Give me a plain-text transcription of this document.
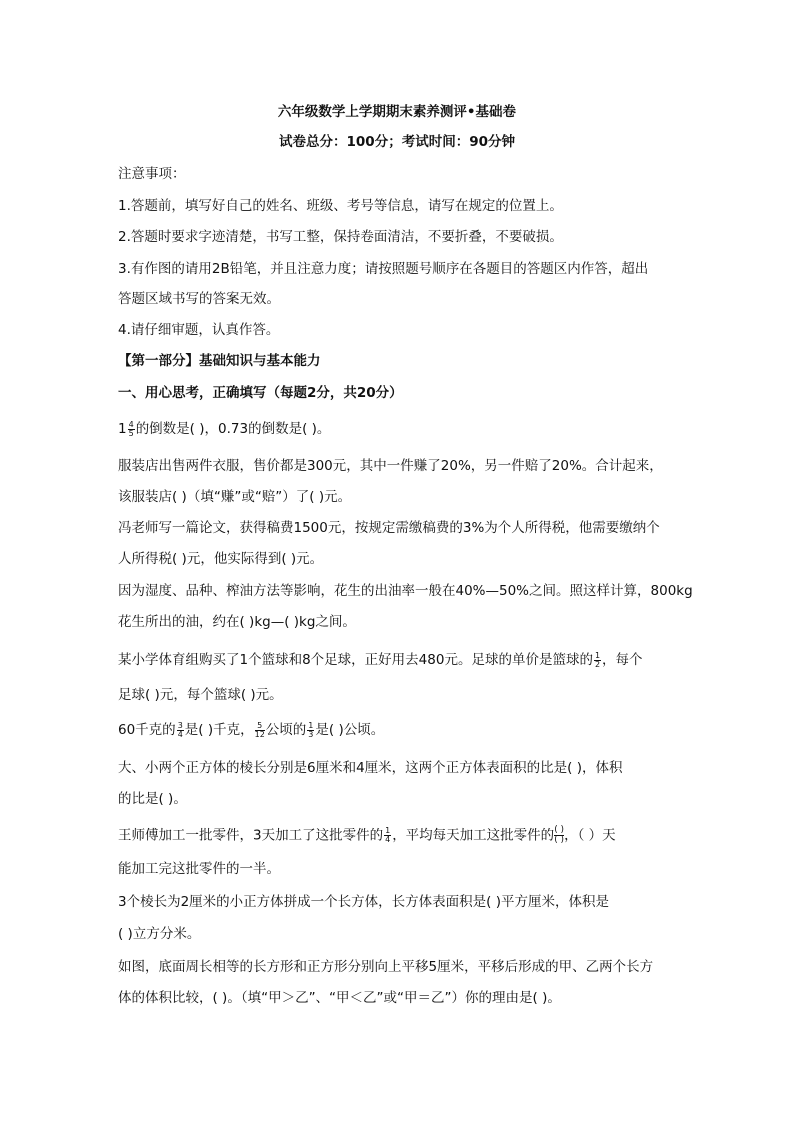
六年级数学上学期期末素养测评•基础卷
试卷总分：100分；考试时间：90分钟
注意事项：
1.答题前，填写好自己的姓名、班级、考号等信息，请写在规定的位置上。
2.答题时要求字迹清楚，书写工整，保持卷面清洁，不要折叠，不要破损。
3.有作图的请用2B铅笔，并且注意力度；请按照题号顺序在各题目的答题区内作答，超出
答题区域书写的答案无效。
4.请仔细审题，认真作答。
【第一部分】基础知识与基本能力
一、用心思考，正确填写（每题2分，共20分）
$1 \frac{4}{5}$ 的倒数是( )，0.73的倒数是( )。
服装店出售两件衣服，售价都是300元，其中一件赚了20%，另一件赔了20%。合计起来，
该服装店( )（填“赚”或“赔”）了( )元。
冯老师写一篇论文，获得稿费1500元，按规定需缴稿费的3%为个人所得税，他需要缴纳个
人所得税( )元，他实际得到( )元。
因为湿度、品种、榨油方法等影响，花生的出油率一般在40%—50%之间。照这样计算，800kg
花生所出的油，约在( )kg—( )kg之间。
某小学体育组购买了1个篮球和8个足球，正好用去480元。足球的单价是篮球的 $\frac{1}{2}$ ，每个
足球( )元，每个篮球( )元。
60千克的 $\frac{3}{4}$ 是( )千克， $\frac{5}{12}$ 公顷的 $\frac{1}{3}$ 是( )公顷。
大、小两个正方体的棱长分别是6厘米和4厘米，这两个正方体表面积的比是( )，体积
的比是( )。
王师傅加工一批零件，3天加工了这批零件的 $\frac{1}{4}$ ，平均每天加工这批零件的 $\frac{( )}{( )}$ ，（ ）天
能加工完这批零件的一半。
3个棱长为2厘米的小正方体拼成一个长方体，长方体表面积是( )平方厘米，体积是
( )立方分米。
如图，底面周长相等的长方形和正方形分别向上平移5厘米，平移后形成的甲、乙两个长方
体的体积比较，( )。（填“甲＞乙”、“甲＜乙”或“甲＝乙”）你的理由是( )。
